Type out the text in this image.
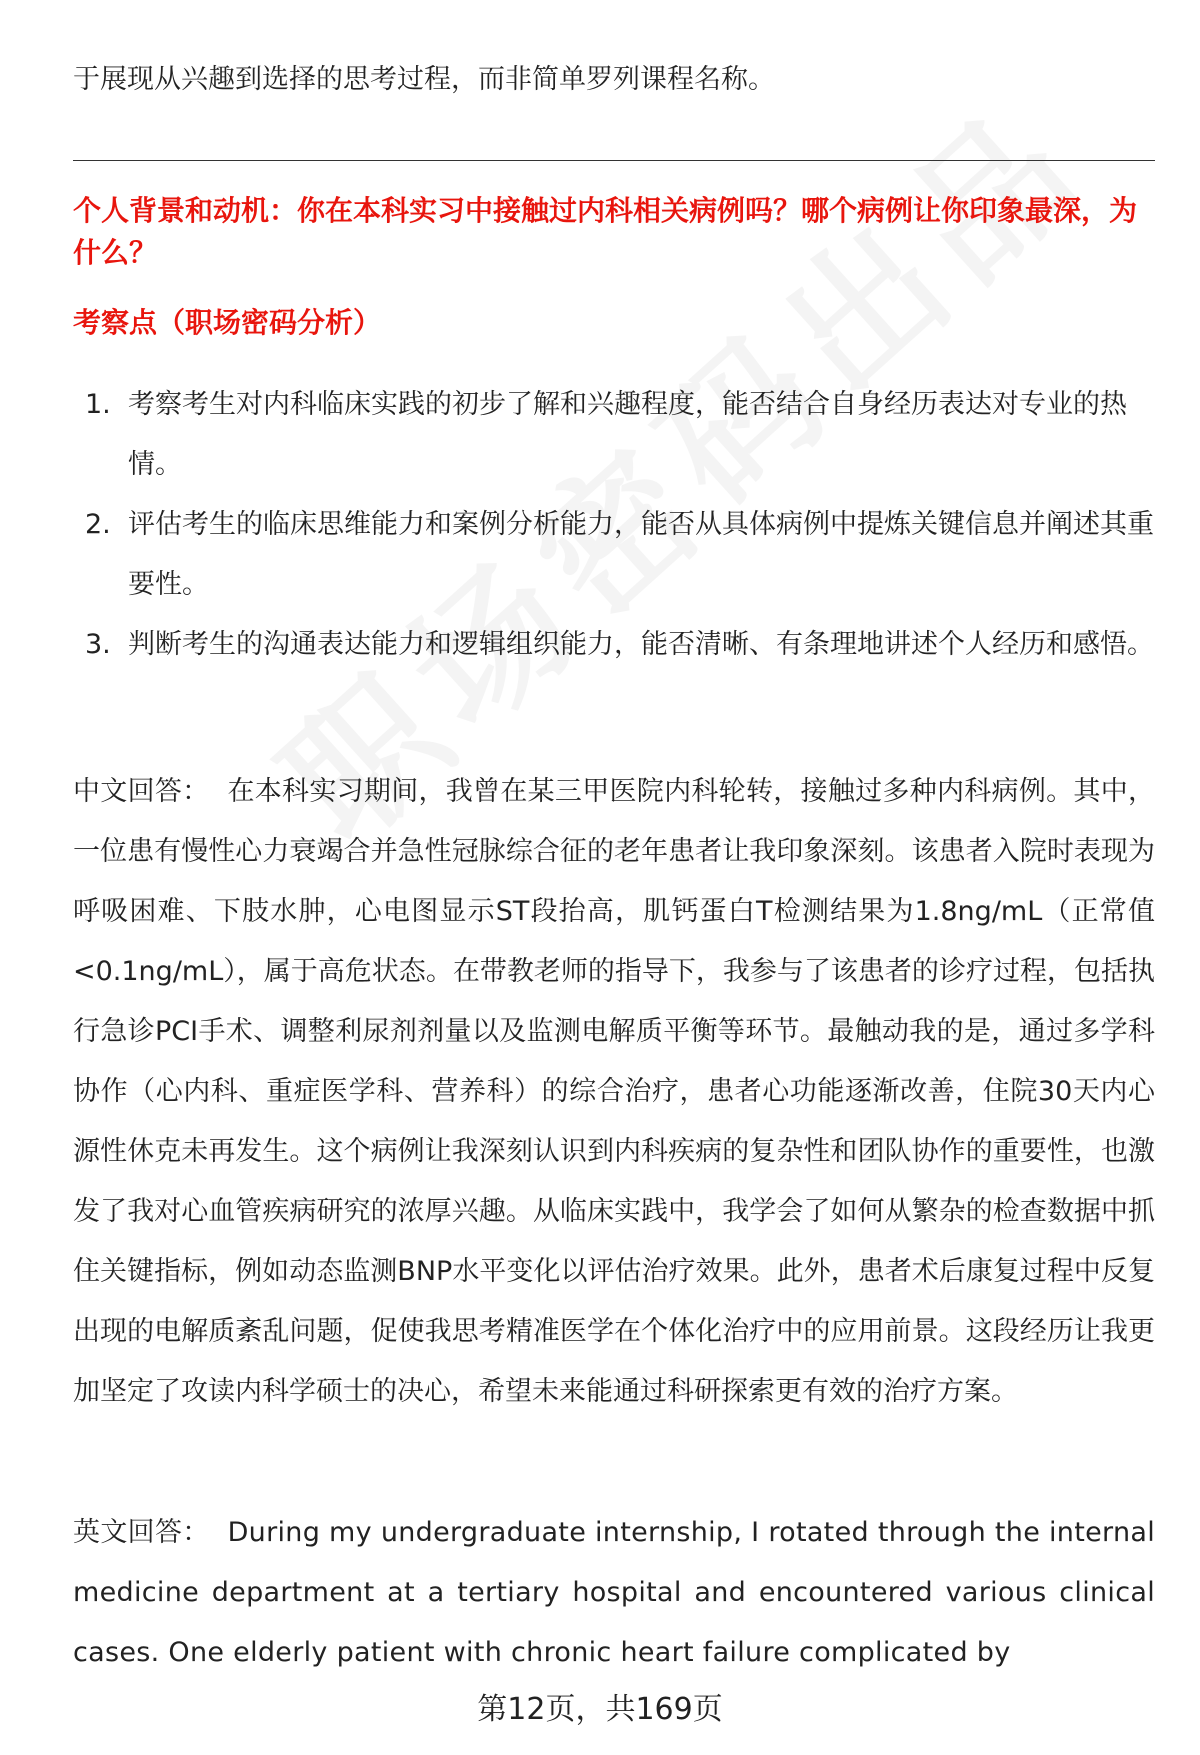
于展现从兴趣到选择的思考过程，而非简单罗列课程名称。

个人背景和动机：你在本科实习中接触过内科相关病例吗？哪个病例让你印象最深，为什么？

考察点（职场密码分析）

1. 考察考生对内科临床实践的初步了解和兴趣程度，能否结合自身经历表达对专业的热情。
2. 评估考生的临床思维能力和案例分析能力，能否从具体病例中提炼关键信息并阐述其重要性。
3. 判断考生的沟通表达能力和逻辑组织能力，能否清晰、有条理地讲述个人经历和感悟。

中文回答： 在本科实习期间，我曾在某三甲医院内科轮转，接触过多种内科病例。其中，一位患有慢性心力衰竭合并急性冠脉综合征的老年患者让我印象深刻。该患者入院时表现为呼吸困难、下肢水肿，心电图显示ST段抬高，肌钙蛋白T检测结果为1.8ng/mL（正常值<0.1ng/mL），属于高危状态。在带教老师的指导下，我参与了该患者的诊疗过程，包括执行急诊PCI手术、调整利尿剂剂量以及监测电解质平衡等环节。最触动我的是，通过多学科协作（心内科、重症医学科、营养科）的综合治疗，患者心功能逐渐改善，住院30天内心源性休克未再发生。这个病例让我深刻认识到内科疾病的复杂性和团队协作的重要性，也激发了我对心血管疾病研究的浓厚兴趣。从临床实践中，我学会了如何从繁杂的检查数据中抓住关键指标，例如动态监测BNP水平变化以评估治疗效果。此外，患者术后康复过程中反复出现的电解质紊乱问题，促使我思考精准医学在个体化治疗中的应用前景。这段经历让我更加坚定了攻读内科学硕士的决心，希望未来能通过科研探索更有效的治疗方案。

英文回答： During my undergraduate internship, I rotated through the internal medicine department at a tertiary hospital and encountered various clinical cases. One elderly patient with chronic heart failure complicated by

第12页，共169页
